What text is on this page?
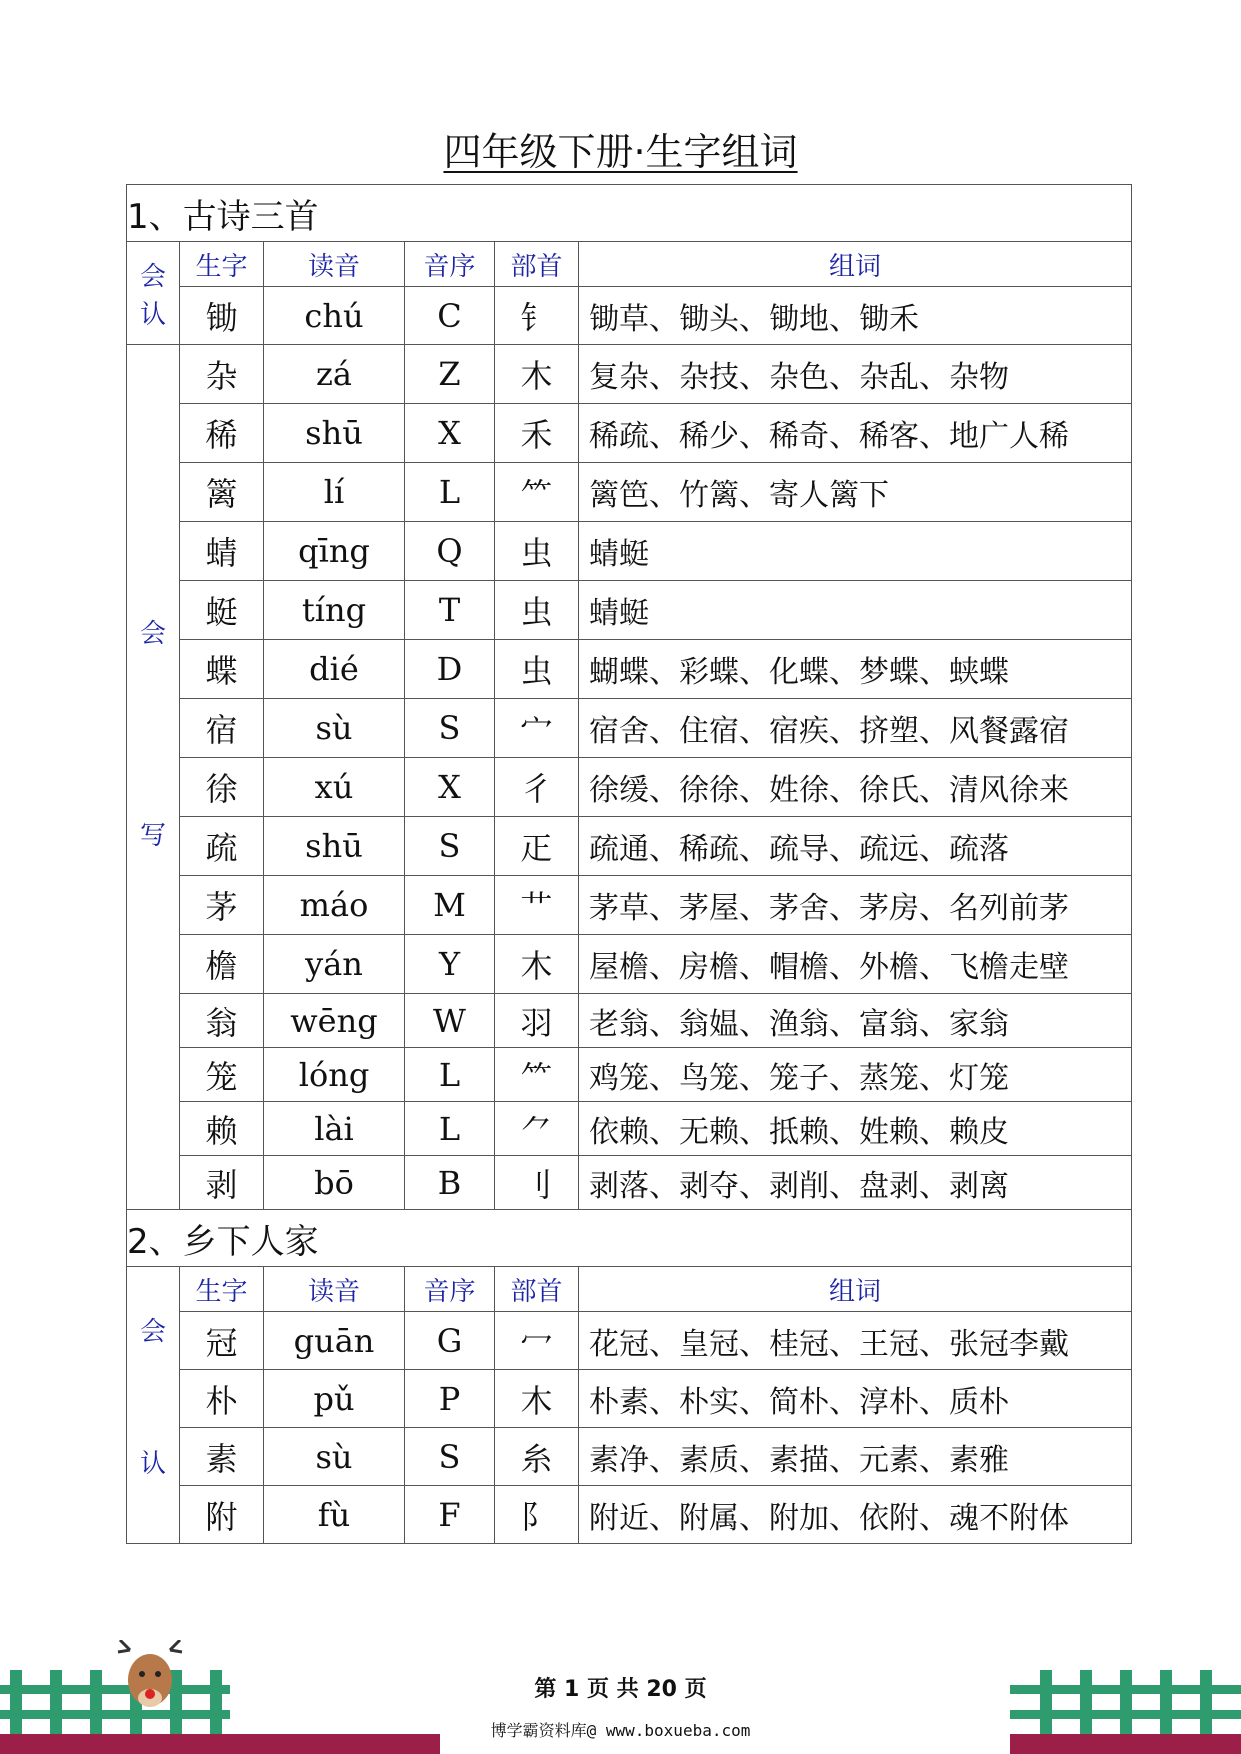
四年级下册·生字组词
1、古诗三首					

会
认	生字	读音	音序	部首	组词
	锄	chú	C	钅	锄草、锄头、锄地、锄禾

会
写	杂	zá	Z	木	复杂、杂技、杂色、杂乱、杂物
	稀	shū	X	禾	稀疏、稀少、稀奇、稀客、地广人稀
	篱	lí	L	⺮	篱笆、竹篱、寄人篱下
	蜻	qīng	Q	虫	蜻蜓
	蜓	tíng	T	虫	蜻蜓
	蝶	dié	D	虫	蝴蝶、彩蝶、化蝶、梦蝶、蛱蝶
	宿	sù	S	宀	宿舍、住宿、宿疾、挤塑、风餐露宿
	徐	xú	X	彳	徐缓、徐徐、姓徐、徐氏、清风徐来
	疏	shū	S	𤴓	疏通、稀疏、疏导、疏远、疏落
	茅	máo	M	艹	茅草、茅屋、茅舍、茅房、名列前茅
	檐	yán	Y	木	屋檐、房檐、帽檐、外檐、飞檐走壁
	翁	wēng	W	羽	老翁、翁媪、渔翁、富翁、家翁
	笼	lóng	L	⺮	鸡笼、鸟笼、笼子、蒸笼、灯笼
	赖	lài	L	⺈	依赖、无赖、抵赖、姓赖、赖皮
	剥	bō	B	刂	剥落、剥夺、剥削、盘剥、剥离
2、乡下人家					

会
认	生字	读音	音序	部首	组词
	冠	guān	G	冖	花冠、皇冠、桂冠、王冠、张冠李戴
	朴	pǔ	P	木	朴素、朴实、简朴、淳朴、质朴
	素	sù	S	糸	素净、素质、素描、元素、素雅
	附	fù	F	阝	附近、附属、附加、依附、魂不附体
第 1 页 共 20 页
博学霸资料库@ www.boxueba.com
